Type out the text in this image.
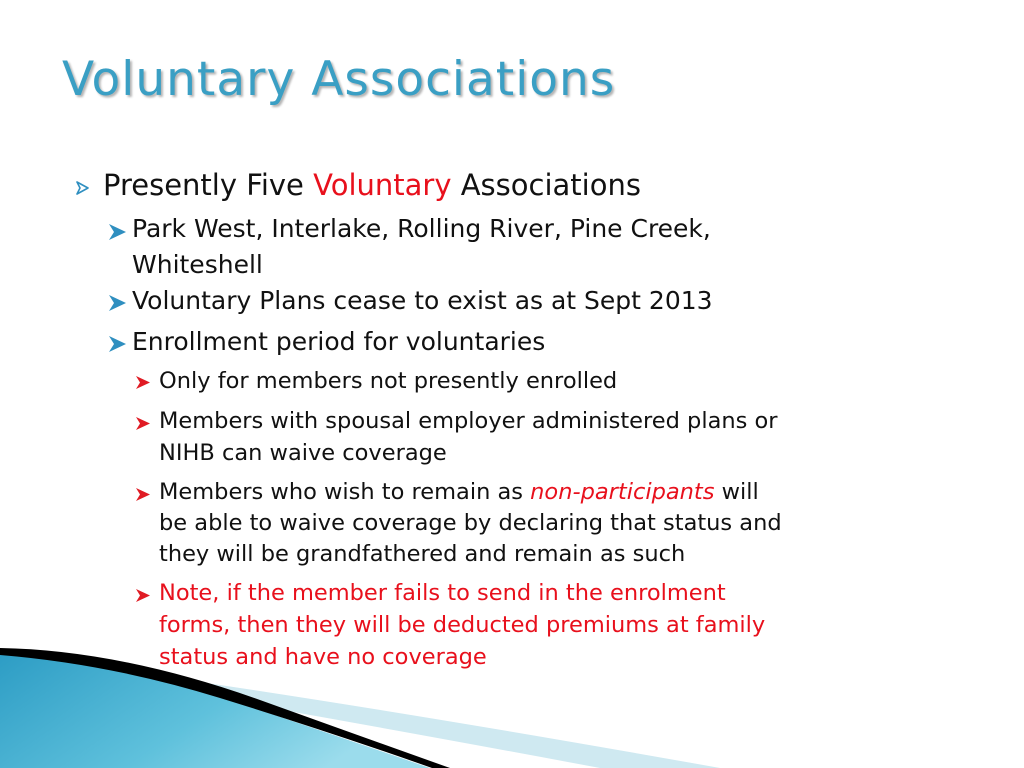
Voluntary Associations
Presently Five Voluntary Associations
Park West, Interlake, Rolling River, Pine Creek,
Whiteshell
Voluntary Plans cease to exist as at Sept 2013
Enrollment period for voluntaries
Only for members not presently enrolled
Members with spousal employer administered plans or
NIHB can waive coverage
Members who wish to remain as non-participants will
be able to waive coverage by declaring that status and
they will be grandfathered and remain as such
Note, if the member fails to send in the enrolment
forms, then they will be deducted premiums at family
status and have no coverage
